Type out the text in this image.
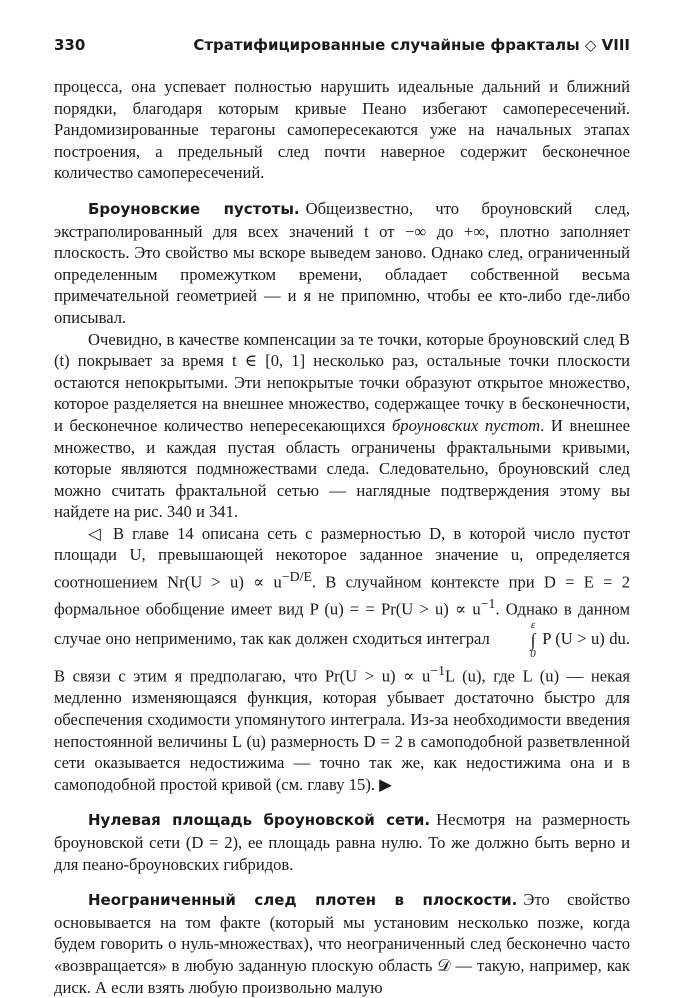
330	Стратифицированные случайные фракталы ◇ VIII

процесса, она успевает полностью нарушить идеальные дальний и ближний порядки, благодаря которым кривые Пеано избегают самопересечений. Рандомизированные терагоны самопересекаются уже на начальных этапах построения, а предельный след почти наверное содержит бесконечное количество самопересечений.

Броуновские пустоты. Общеизвестно, что броуновский след, экстраполированный для всех значений t от −∞ до +∞, плотно заполняет плоскость. Это свойство мы вскоре выведем заново. Однако след, ограниченный определенным промежутком времени, обладает собственной весьма примечательной геометрией — и я не припомню, чтобы ее кто-либо где-либо описывал.

Очевидно, в качестве компенсации за те точки, которые броуновский след B (t) покрывает за время t ∈ [0, 1] несколько раз, остальные точки плоскости остаются непокрытыми. Эти непокрытые точки образуют открытое множество, которое разделяется на внешнее множество, содержащее точку в бесконечности, и бесконечное количество непересекающихся броуновских пустот. И внешнее множество, и каждая пустая область ограничены фрактальными кривыми, которые являются подмножествами следа. Следовательно, броуновский след можно считать фрактальной сетью — наглядные подтверждения этому вы найдете на рис. 340 и 341.

◁ В главе 14 описана сеть с размерностью D, в которой число пустот площади U, превышающей некоторое заданное значение u, определяется соотношением $Nr(U > u) \propto u^{-D/E}$. В случайном контексте при D = E = 2 формальное обобщение имеет вид P (u) = = $Pr(U > u) \propto u^{-1}$. Однако в данном случае оно неприменимо, так как должен сходиться интеграл
ε
∫
0
P (U > u) du. В связи с этим я предполагаю, что $Pr(U > u) \propto u^{-1}L$ (u), где L (u) — некая медленно изменяющаяся функция, которая убывает достаточно быстро для обеспечения сходимости упомянутого интеграла. Из-за необходимости введения непостоянной величины L (u) размерность D = 2 в самоподобной разветвленной сети оказывается недостижима — точно так же, как недостижима она и в самоподобной простой кривой (см. главу 15). ▶

Нулевая площадь броуновской сети. Несмотря на размерность броуновской сети (D = 2), ее площадь равна нулю. То же должно быть верно и для пеано-броуновских гибридов.

Неограниченный след плотен в плоскости. Это свойство основывается на том факте (который мы установим несколько позже, когда будем говорить о нуль-множествах), что неограниченный след бесконечно часто «возвращается» в любую заданную плоскую область 𝒟 — такую, например, как диск. А если взять любую произвольно малую
